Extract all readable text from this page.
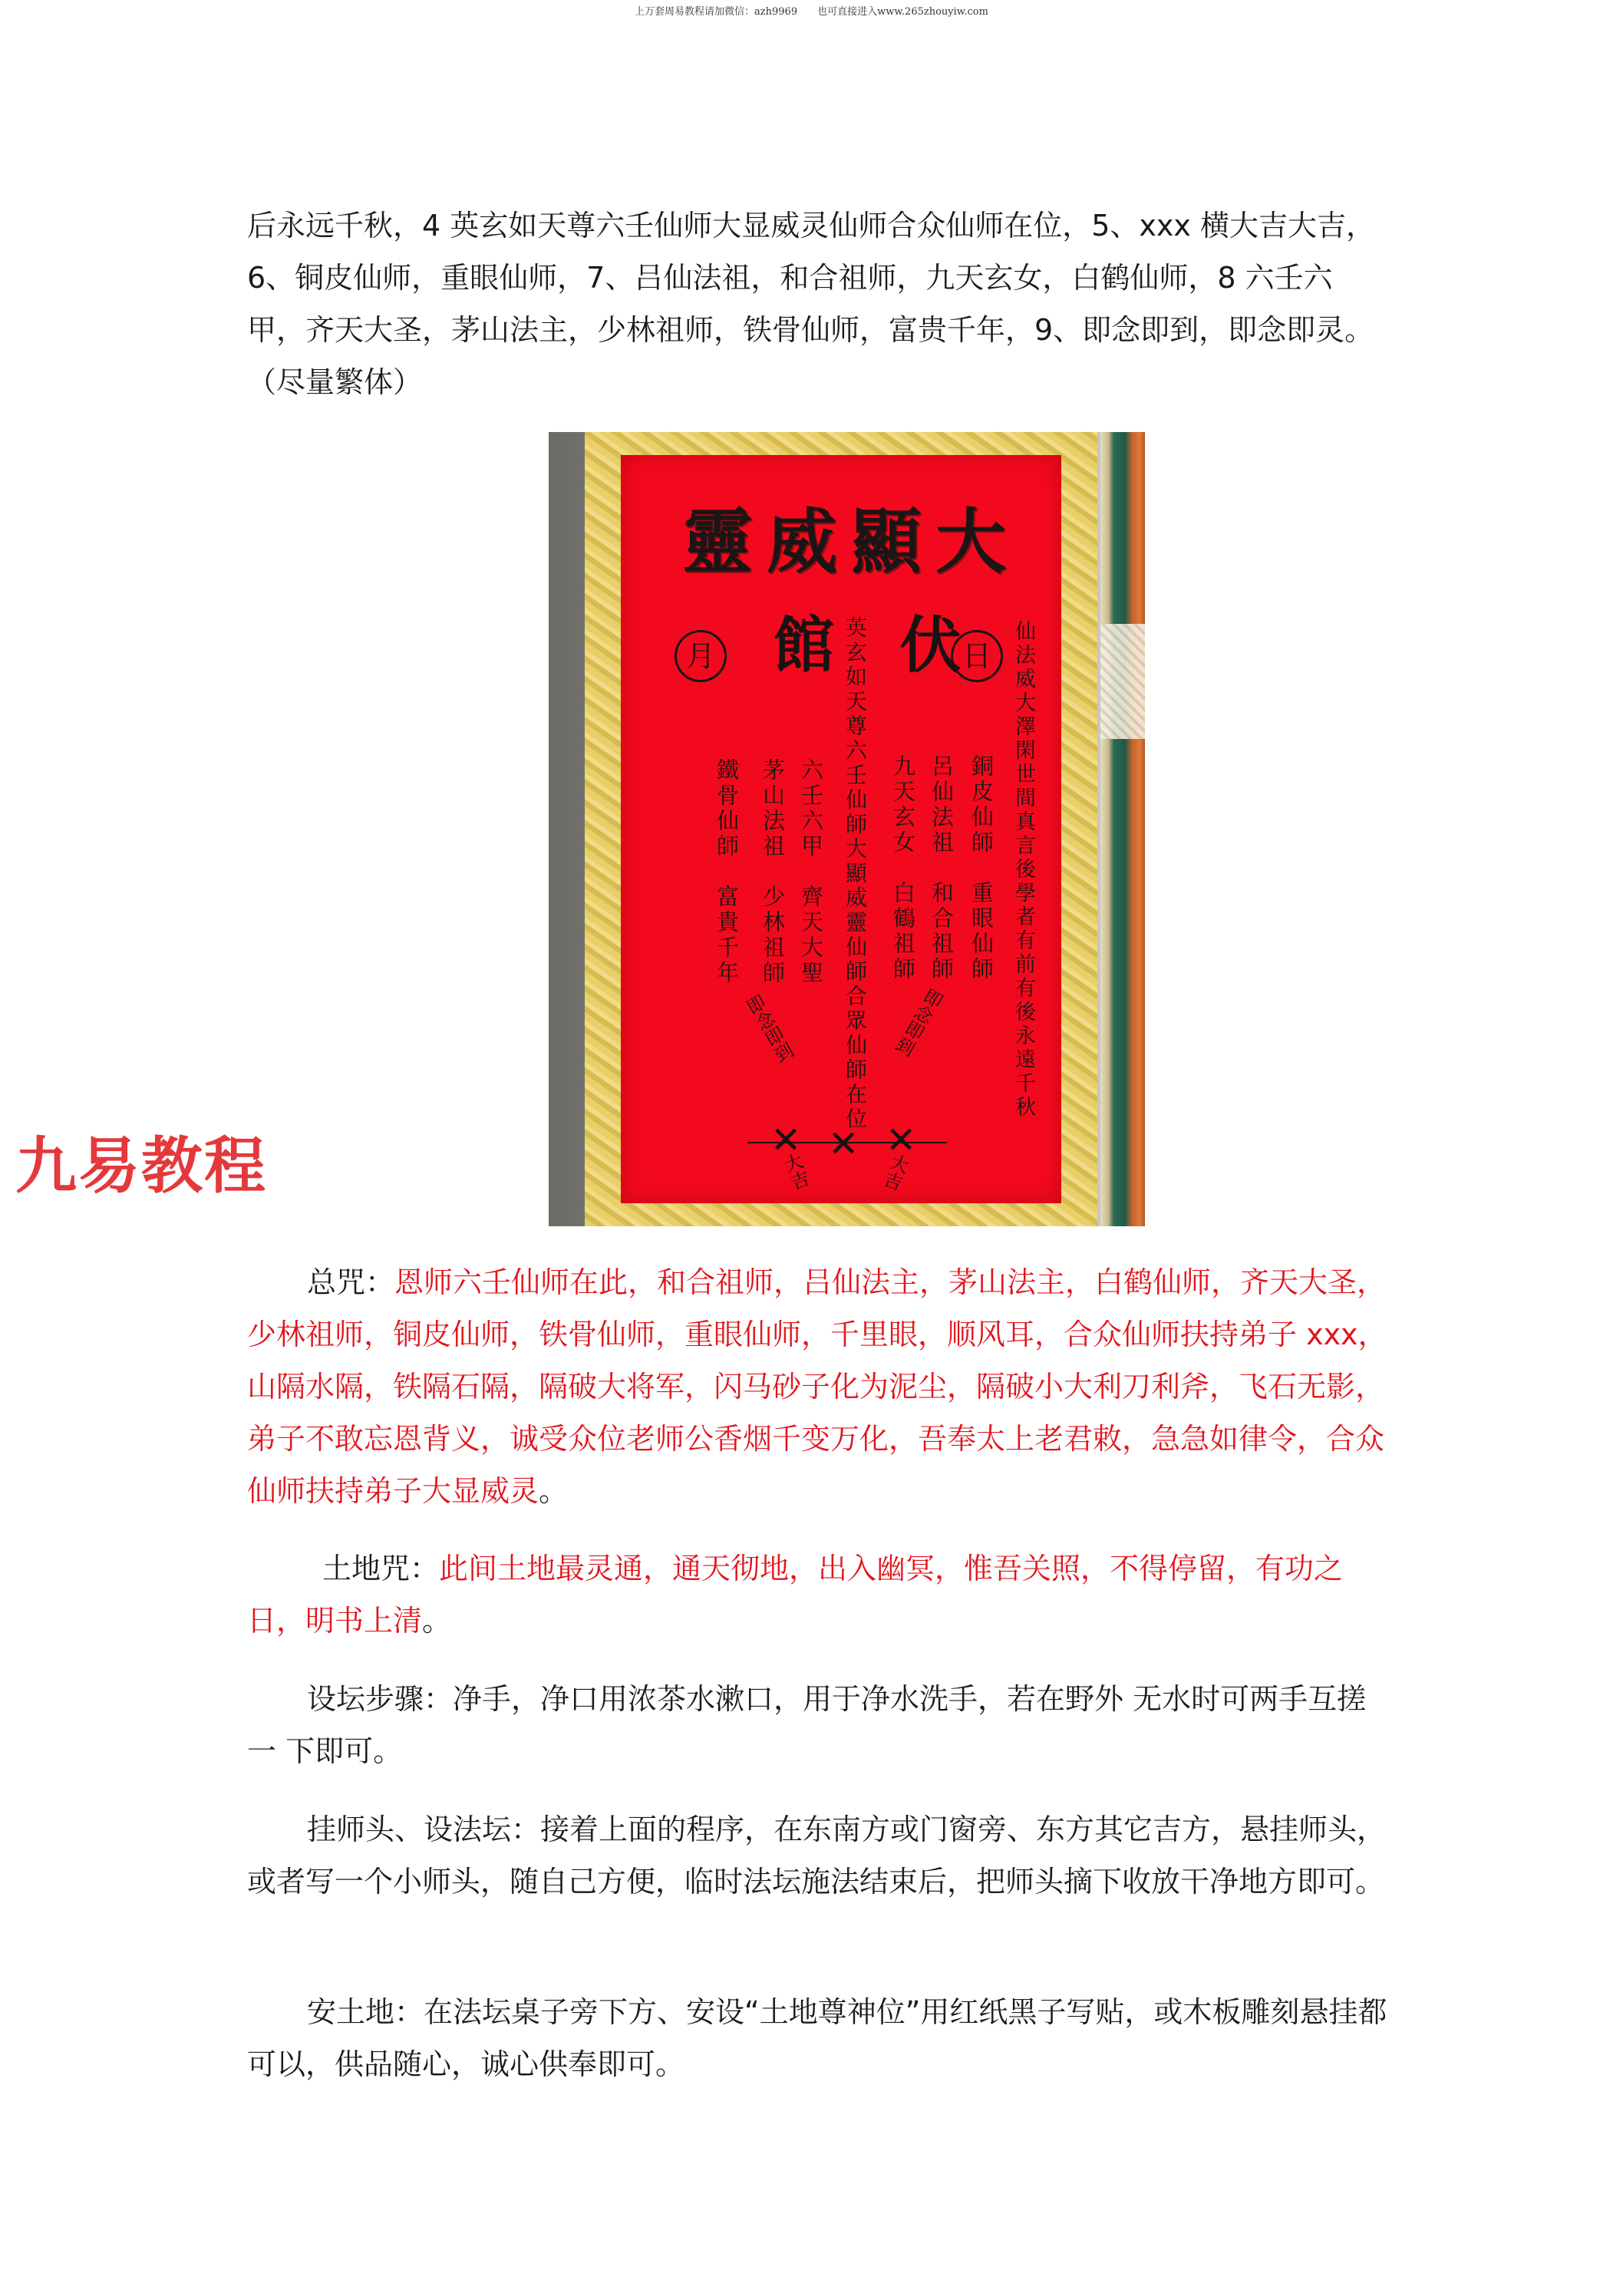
上万套周易教程请加微信：azh9969　　也可直接进入www.265zhouyiw.com

后永远千秋，4 英玄如天尊六壬仙师大显威灵仙师合众仙师在位，5、xxx 横大吉大吉，

6、铜皮仙师，重眼仙师，7、吕仙法祖，和合祖师，九天玄女，白鹤仙师，8 六壬六

甲，齐天大圣，茅山法主，少林祖师，铁骨仙师，富贵千年，9、即念即到，即念即灵。

（尽量繁体）

大顯威靈
月 館 伏 日 仙法威大澤閑世間真言後學者有前有後永遠千秋
銅皮仙師　重眼仙師
呂仙法祖　和合祖師
九天玄女　白鶴祖師
英玄如天尊六壬仙師大顯威靈仙師合眾仙師在位
六壬六甲　齊天大聖
茅山法祖　少林祖師
鐵骨仙師　富貴千年
即念即到	即念即到
✕ ✕ ✕
大吉	大吉
九易教程

总咒：恩师六壬仙师在此，和合祖师，吕仙法主，茅山法主，白鹤仙师，齐天大圣，少林祖师，铜皮仙师，铁骨仙师，重眼仙师，千里眼，顺风耳，合众仙师扶持弟子 xxx，山隔水隔，铁隔石隔，隔破大将军，闪马砂子化为泥尘，隔破小大利刀利斧，飞石无影，弟子不敢忘恩背义，诚受众位老师公香烟千变万化，吾奉太上老君敕，急急如律令，合众仙师扶持弟子大显威灵。

土地咒：此间土地最灵通，通天彻地，出入幽冥，惟吾关照，不得停留，有功之日，明书上清。

设坛步骤：净手，净口用浓茶水漱口，用于净水洗手，若在野外 无水时可两手互搓 一 下即可。

挂师头、设法坛：接着上面的程序，在东南方或门窗旁、东方其它吉方，悬挂师头，或者写一个小师头，随自己方便，临时法坛施法结束后，把师头摘下收放干净地方即可。

安土地：在法坛桌子旁下方、安设“土地尊神位”用红纸黑子写贴，或木板雕刻悬挂都可以，供品随心，诚心供奉即可。
